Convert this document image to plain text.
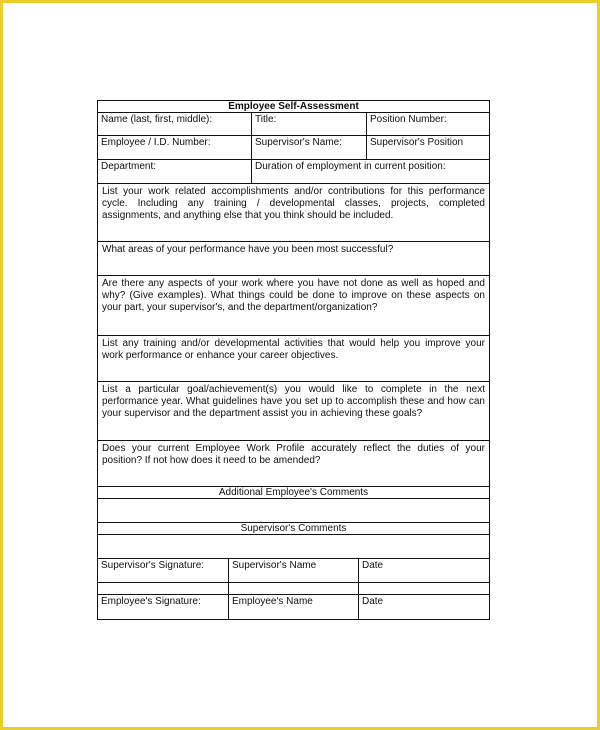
Employee Self-Assessment
Name (last, first, middle):	Title:	Position Number:
Employee / I.D. Number:	Supervisor's Name:	Supervisor's Position
Department:	Duration of employment in current position:
List your work related accomplishments and/or contributions for this performance cycle. Including any training / developmental classes, projects, completed assignments, and anything else that you think should be included.
What areas of your performance have you been most successful?
Are there any aspects of your work where you have not done as well as hoped and why? (Give examples). What things could be done to improve on these aspects on your part, your supervisor's, and the department/organization?
List any training and/or developmental activities that would help you improve your work performance or enhance your career objectives.
List a particular goal/achievement(s) you would like to complete in the next performance year. What guidelines have you set up to accomplish these and how can your supervisor and the department assist you in achieving these goals?
Does your current Employee Work Profile accurately reflect the duties of your position? If not how does it need to be amended?
Additional Employee's Comments
Supervisor's Comments
Supervisor's Signature:	Supervisor's Name	Date
Employee's Signature:	Employee's Name	Date
